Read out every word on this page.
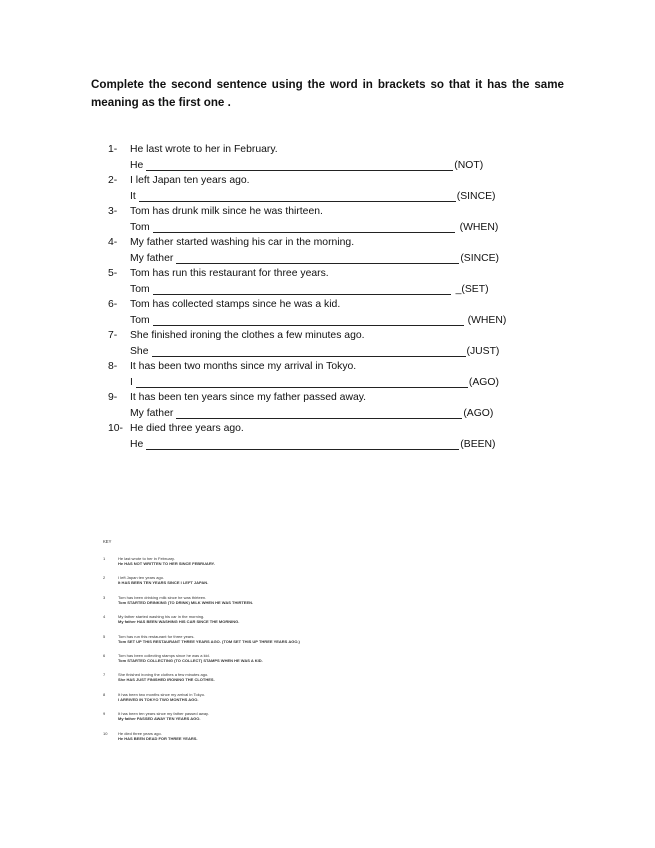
Complete the second sentence using the word in brackets so that it has the same meaning as the first one .
1- He last wrote to her in February.
He	(NOT)
2- I left Japan ten years ago.
It	(SINCE)
3- Tom has drunk milk since he was thirteen.
Tom	(WHEN)
4- My father started washing his car in the morning.
My father	(SINCE)
5- Tom has run this restaurant for three years.
Tom	_(SET)
6- Tom has collected stamps since he was a kid.
Tom	(WHEN)
7- She finished ironing the clothes a few minutes ago.
She	(JUST)
8- It has been two months since my arrival in Tokyo.
I	(AGO)
9- It has been ten years since my father passed away.
My father	(AGO)
10- He died three years ago.
He	(BEEN)
KEY
1	He last wrote to her in February.
He HAS NOT WRITTEN TO HER SINCE FEBRUARY.
2	I left Japan ten years ago.
It HAS BEEN TEN YEARS SINCE I LEFT JAPAN.
3	Tom has been drinking milk since he was thirteen.
Tom STARTED DRINKING (TO DRINK) MILK WHEN HE WAS THIRTEEN.
4	My father started washing his car in the morning.
My father HAS BEEN WASHING HIS CAR SINCE THE MORNING.
5	Tom has run this restaurant for three years.
Tom SET UP THIS RESTAURANT THREE YEARS AGO. (TOM SET THIS UP THREE YEARS AGO.)
6	Tom has been collecting stamps since he was a kid.
Tom STARTED COLLECTING (TO COLLECT) STAMPS WHEN HE WAS A KID.
7	She finished ironing the clothes a few minutes ago.
She HAS JUST FINISHED IRONING THE CLOTHES.
8	It has been two months since my arrival in Tokyo.
I ARRIVED IN TOKYO TWO MONTHS AGO.
9	It has been ten years since my father passed away.
My father PASSED AWAY TEN YEARS AGO.
10	He died three years ago.
He HAS BEEN DEAD FOR THREE YEARS.
